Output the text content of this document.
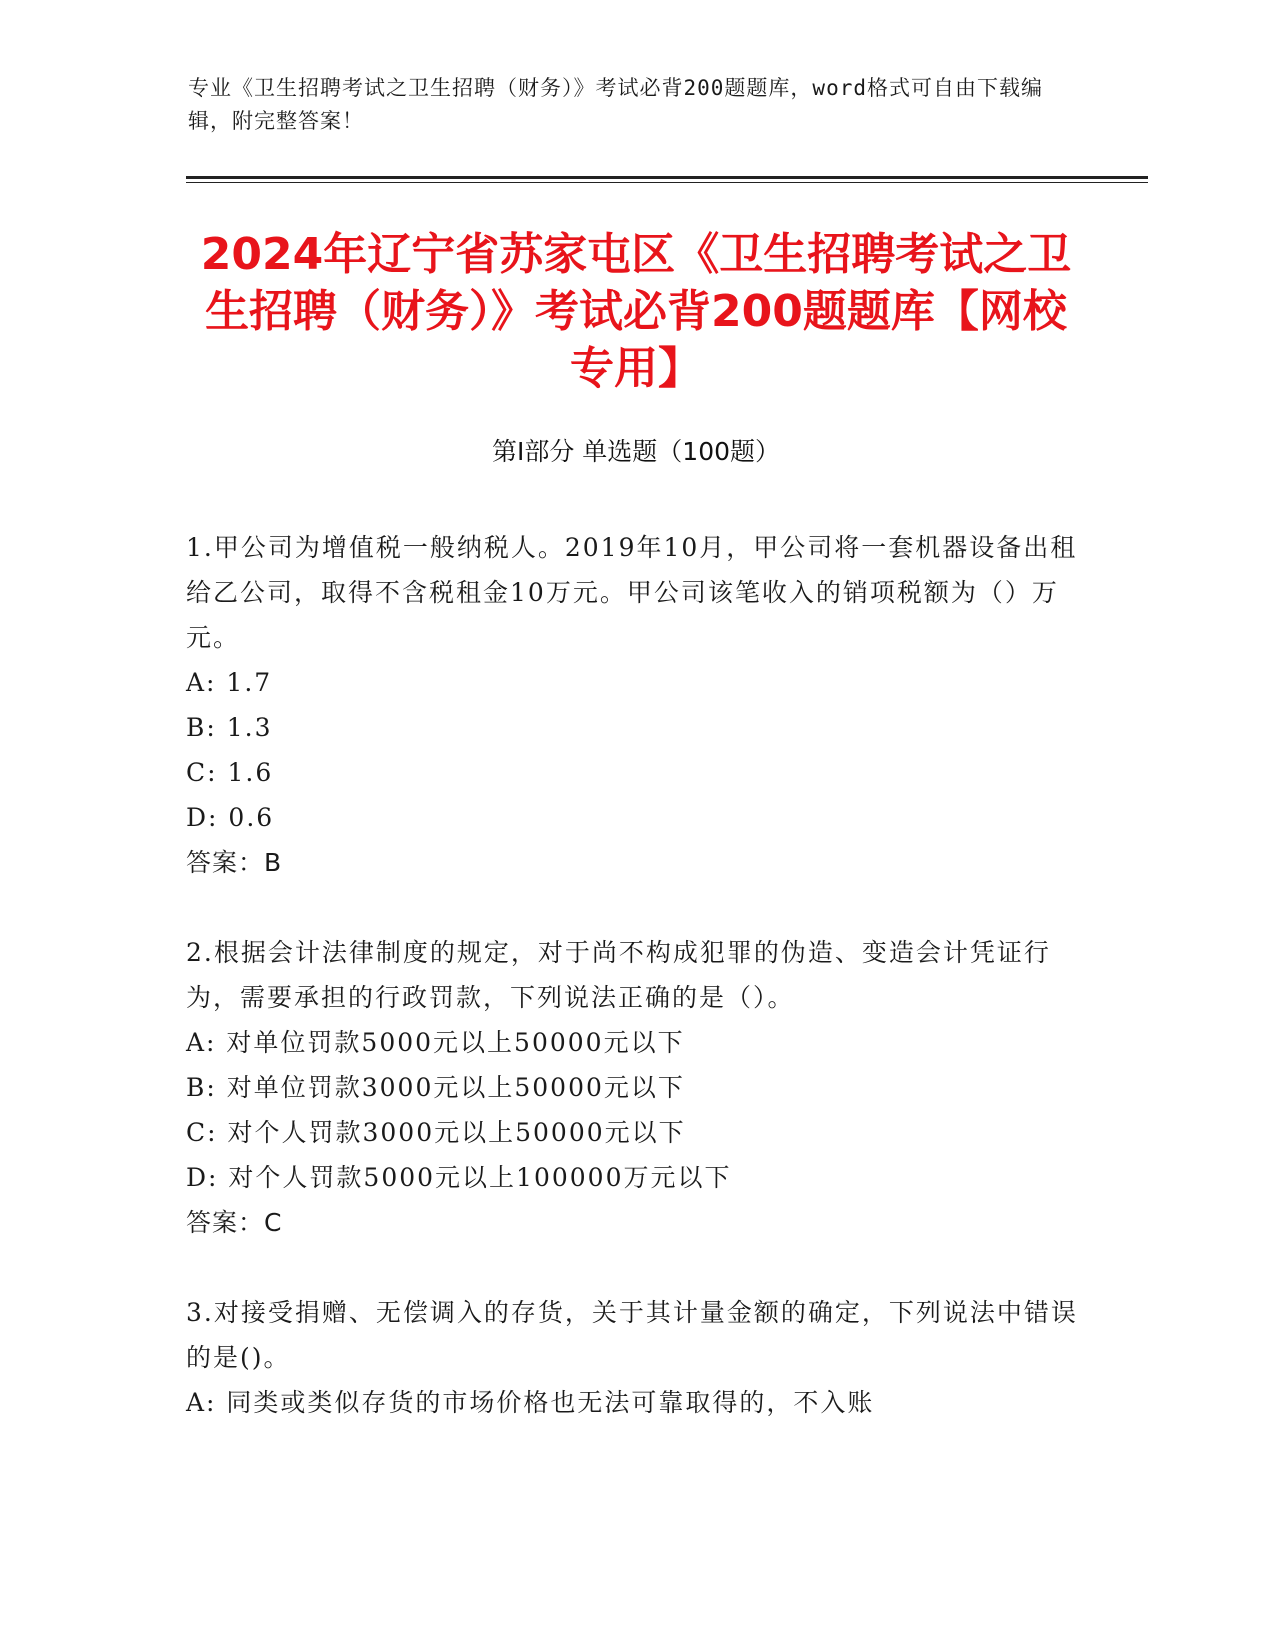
专业《卫生招聘考试之卫生招聘（财务）》考试必背200题题库，word格式可自由下载编辑，附完整答案！
2024年辽宁省苏家屯区《卫生招聘考试之卫生招聘（财务）》考试必背200题题库【网校专用】
第I部分 单选题（100题）
1.甲公司为增值税一般纳税人。2019年10月，甲公司将一套机器设备出租给乙公司，取得不含税租金10万元。甲公司该笔收入的销项税额为（）万元。
A: 1.7
B: 1.3
C: 1.6
D: 0.6
答案：B
2.根据会计法律制度的规定，对于尚不构成犯罪的伪造、变造会计凭证行为，需要承担的行政罚款，下列说法正确的是（）。
A: 对单位罚款5000元以上50000元以下
B: 对单位罚款3000元以上50000元以下
C: 对个人罚款3000元以上50000元以下
D: 对个人罚款5000元以上100000万元以下
答案：C
3.对接受捐赠、无偿调入的存货，关于其计量金额的确定，下列说法中错误的是()。
A: 同类或类似存货的市场价格也无法可靠取得的，不入账
